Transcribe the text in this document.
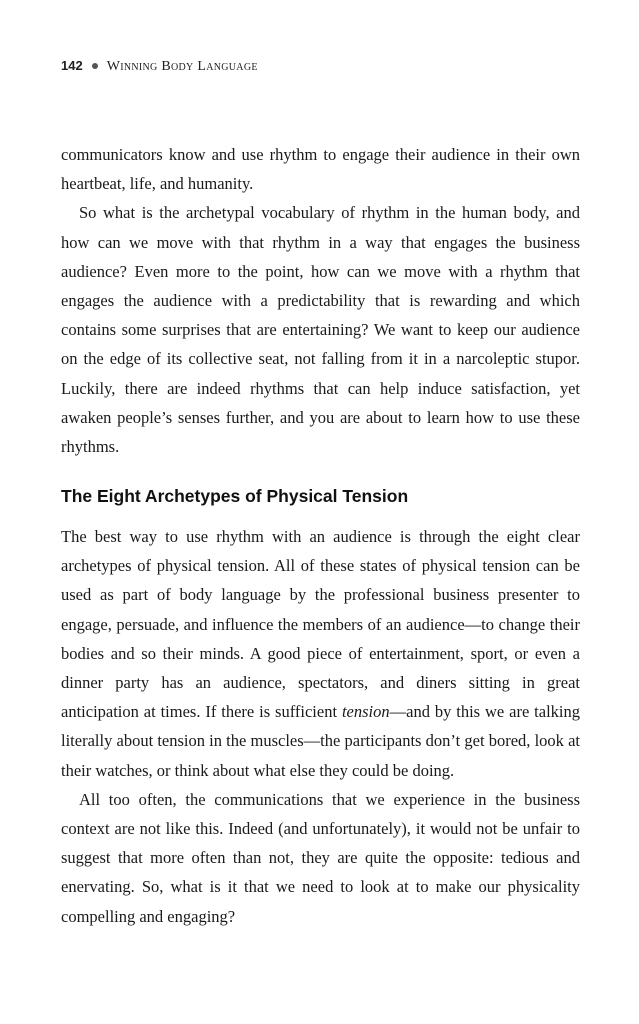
142 Winning Body Language

communicators know and use rhythm to engage their audience in their own heartbeat, life, and humanity.

So what is the archetypal vocabulary of rhythm in the human body, and how can we move with that rhythm in a way that engages the business audience? Even more to the point, how can we move with a rhythm that engages the audience with a predictability that is rewarding and which contains some surprises that are entertaining? We want to keep our audience on the edge of its collective seat, not falling from it in a narcoleptic stupor. Luckily, there are indeed rhythms that can help induce satisfaction, yet awaken people’s senses further, and you are about to learn how to use these rhythms.

The Eight Archetypes of Physical Tension

The best way to use rhythm with an audience is through the eight clear archetypes of physical tension. All of these states of physical tension can be used as part of body language by the professional business presenter to engage, persuade, and influence the members of an audience—to change their bodies and so their minds. A good piece of entertainment, sport, or even a dinner party has an audience, spectators, and diners sitting in great anticipation at times. If there is sufficient tension—and by this we are talking literally about tension in the muscles—the participants don’t get bored, look at their watches, or think about what else they could be doing.

All too often, the communications that we experience in the business context are not like this. Indeed (and unfortunately), it would not be unfair to suggest that more often than not, they are quite the opposite: tedious and enervating. So, what is it that we need to look at to make our physicality compelling and engaging?
